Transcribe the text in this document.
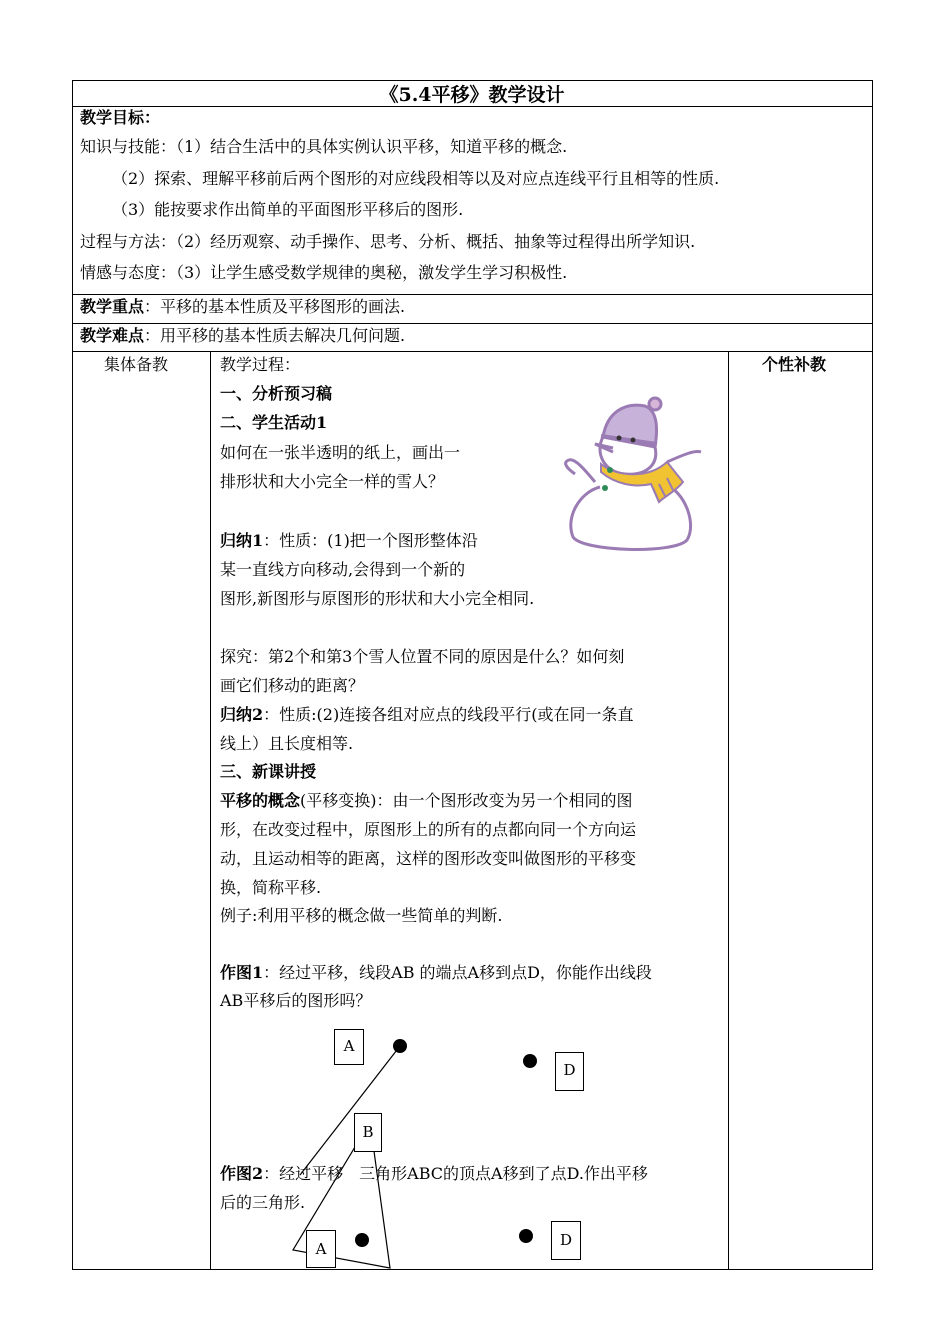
《5.4平移》教学设计
教学目标：
知识与技能：（1）结合生活中的具体实例认识平移，知道平移的概念.
（2）探索、理解平移前后两个图形的对应线段相等以及对应点连线平行且相等的性质.
（3）能按要求作出简单的平面图形平移后的图形.
过程与方法：（2）经历观察、动手操作、思考、分析、概括、抽象等过程得出所学知识.
情感与态度：（3）让学生感受数学规律的奥秘，激发学生学习积极性.
教学重点：平移的基本性质及平移图形的画法.
教学难点：用平移的基本性质去解决几何问题.
集体备教	个性补教
教学过程：
一、分析预习稿
二、学生活动1
如何在一张半透明的纸上，画出一
排形状和大小完全一样的雪人？
归纳1：性质：(1)把一个图形整体沿
某一直线方向移动,会得到一个新的
图形,新图形与原图形的形状和大小完全相同.
探究：第2个和第3个雪人位置不同的原因是什么？如何刻
画它们移动的距离？
归纳2：性质:(2)连接各组对应点的线段平行(或在同一条直
线上）且长度相等.
三、新课讲授
平移的概念(平移变换)：由一个图形改变为另一个相同的图
形，在改变过程中，原图形上的所有的点都向同一个方向运
动，且运动相等的距离，这样的图形改变叫做图形的平移变
换，简称平移.
例子:利用平移的概念做一些简单的判断.
作图1：经过平移，线段AB 的端点A移到点D，你能作出线段
AB平移后的图形吗？
作图2：经过平移 三角形ABC的顶点A移到了点D.作出平移
后的三角形.
A
D
B
A	D
